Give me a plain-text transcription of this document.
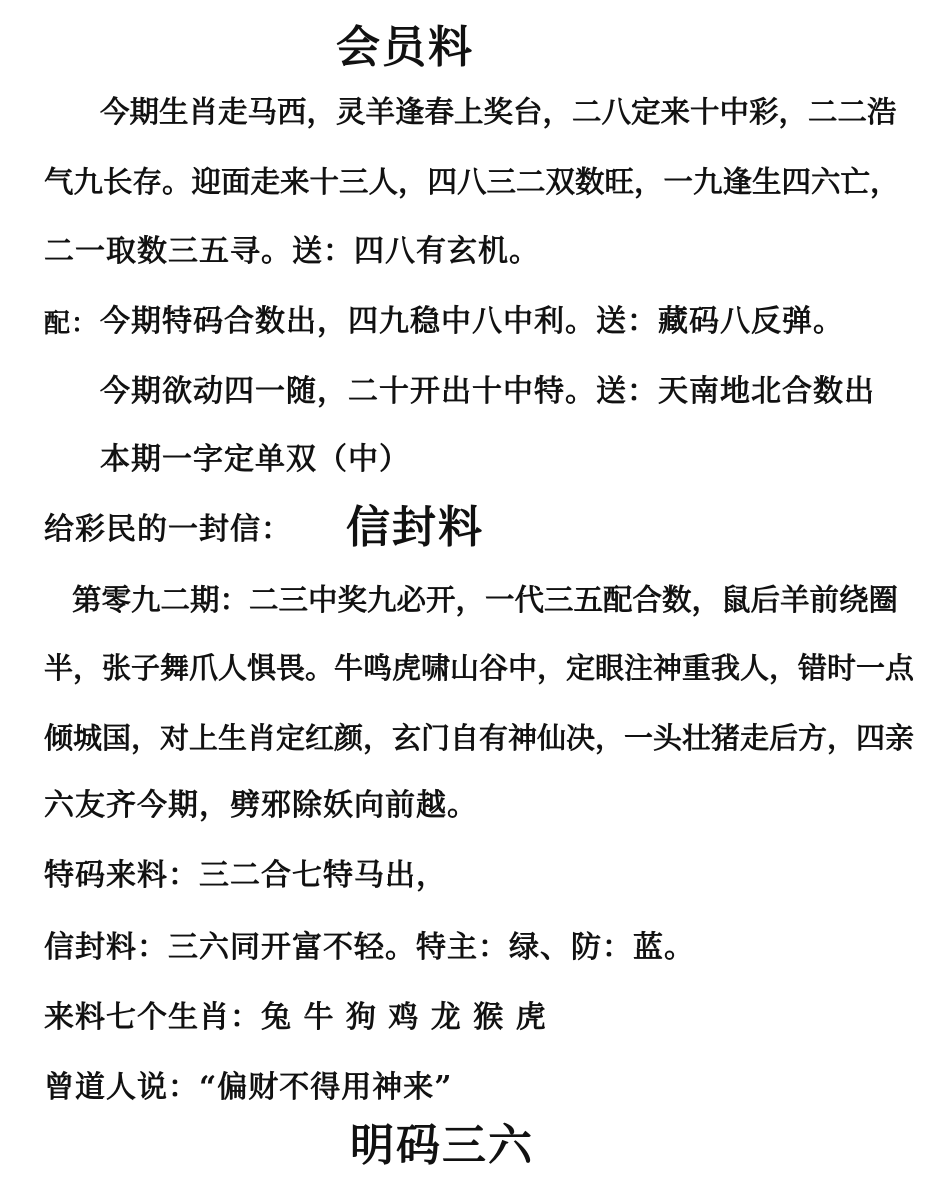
会员料
今期生肖走马西，灵羊逢春上奖台，二八定来十中彩，二二浩
气九长存。迎面走来十三人，四八三二双数旺，一九逢生四六亡，
二一取数三五寻。送：四八有玄机。
配： 今期特码合数出，四九稳中八中利。送：藏码八反弹。
今期欲动四一随，二十开出十中特。送：天南地北合数出
本期一字定单双（中）
给彩民的一封信： 信封料
第零九二期：二三中奖九必开，一代三五配合数，鼠后羊前绕圈
半，张子舞爪人惧畏。牛鸣虎啸山谷中，定眼注神重我人，错时一点
倾城国，对上生肖定红颜，玄门自有神仙决，一头壮猪走后方，四亲
六友齐今期，劈邪除妖向前越。
特码来料：三二合七特马出，
信封料：三六同开富不轻。特主：绿、防：蓝。
来料七个生肖：兔 牛 狗 鸡 龙 猴 虎
曾道人说：“偏财不得用神来”
明码三六
